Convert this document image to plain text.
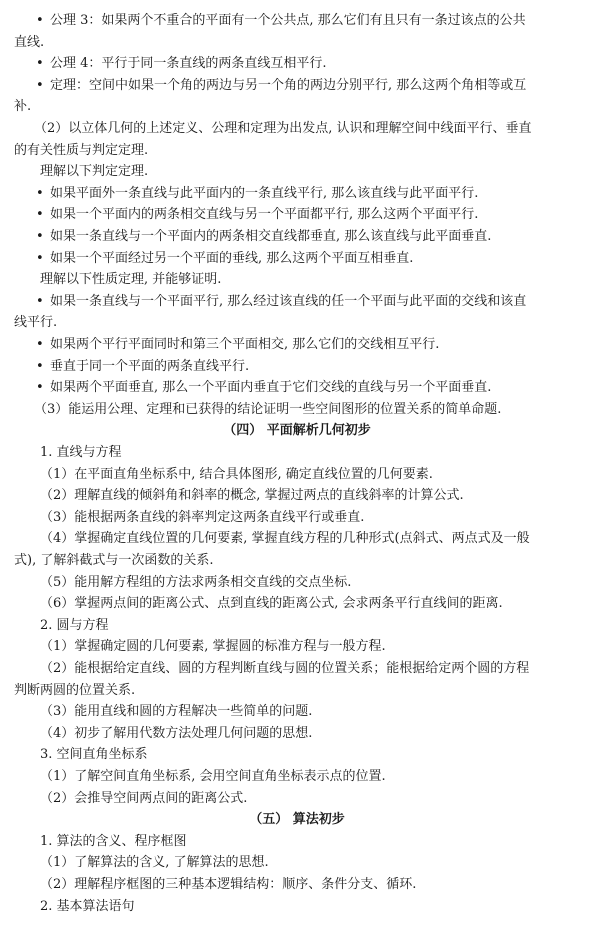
• 公理 3：如果两个不重合的平面有一个公共点, 那么它们有且只有一条过该点的公共
直线.
• 公理 4：平行于同一条直线的两条直线互相平行.
• 定理：空间中如果一个角的两边与另一个角的两边分别平行, 那么这两个角相等或互
补.
（2）以立体几何的上述定义、公理和定理为出发点, 认识和理解空间中线面平行、垂直
的有关性质与判定定理.
理解以下判定定理.
• 如果平面外一条直线与此平面内的一条直线平行, 那么该直线与此平面平行.
• 如果一个平面内的两条相交直线与另一个平面都平行, 那么这两个平面平行.
• 如果一条直线与一个平面内的两条相交直线都垂直, 那么该直线与此平面垂直.
• 如果一个平面经过另一个平面的垂线, 那么这两个平面互相垂直.
理解以下性质定理, 并能够证明.
• 如果一条直线与一个平面平行, 那么经过该直线的任一个平面与此平面的交线和该直
线平行.
• 如果两个平行平面同时和第三个平面相交, 那么它们的交线相互平行.
• 垂直于同一个平面的两条直线平行.
• 如果两个平面垂直, 那么一个平面内垂直于它们交线的直线与另一个平面垂直.
（3）能运用公理、定理和已获得的结论证明一些空间图形的位置关系的简单命题.
（四） 平面解析几何初步
1. 直线与方程
（1）在平面直角坐标系中, 结合具体图形, 确定直线位置的几何要素.
（2）理解直线的倾斜角和斜率的概念, 掌握过两点的直线斜率的计算公式.
（3）能根据两条直线的斜率判定这两条直线平行或垂直.
（4）掌握确定直线位置的几何要素, 掌握直线方程的几种形式(点斜式、两点式及一般
式), 了解斜截式与一次函数的关系.
（5）能用解方程组的方法求两条相交直线的交点坐标.
（6）掌握两点间的距离公式、点到直线的距离公式, 会求两条平行直线间的距离.
2. 圆与方程
（1）掌握确定圆的几何要素, 掌握圆的标准方程与一般方程.
（2）能根据给定直线、圆的方程判断直线与圆的位置关系；能根据给定两个圆的方程
判断两圆的位置关系.
（3）能用直线和圆的方程解决一些简单的问题.
（4）初步了解用代数方法处理几何问题的思想.
3. 空间直角坐标系
（1）了解空间直角坐标系, 会用空间直角坐标表示点的位置.
（2）会推导空间两点间的距离公式.
（五） 算法初步
1. 算法的含义、程序框图
（1）了解算法的含义, 了解算法的思想.
（2）理解程序框图的三种基本逻辑结构：顺序、条件分支、循环.
2. 基本算法语句
